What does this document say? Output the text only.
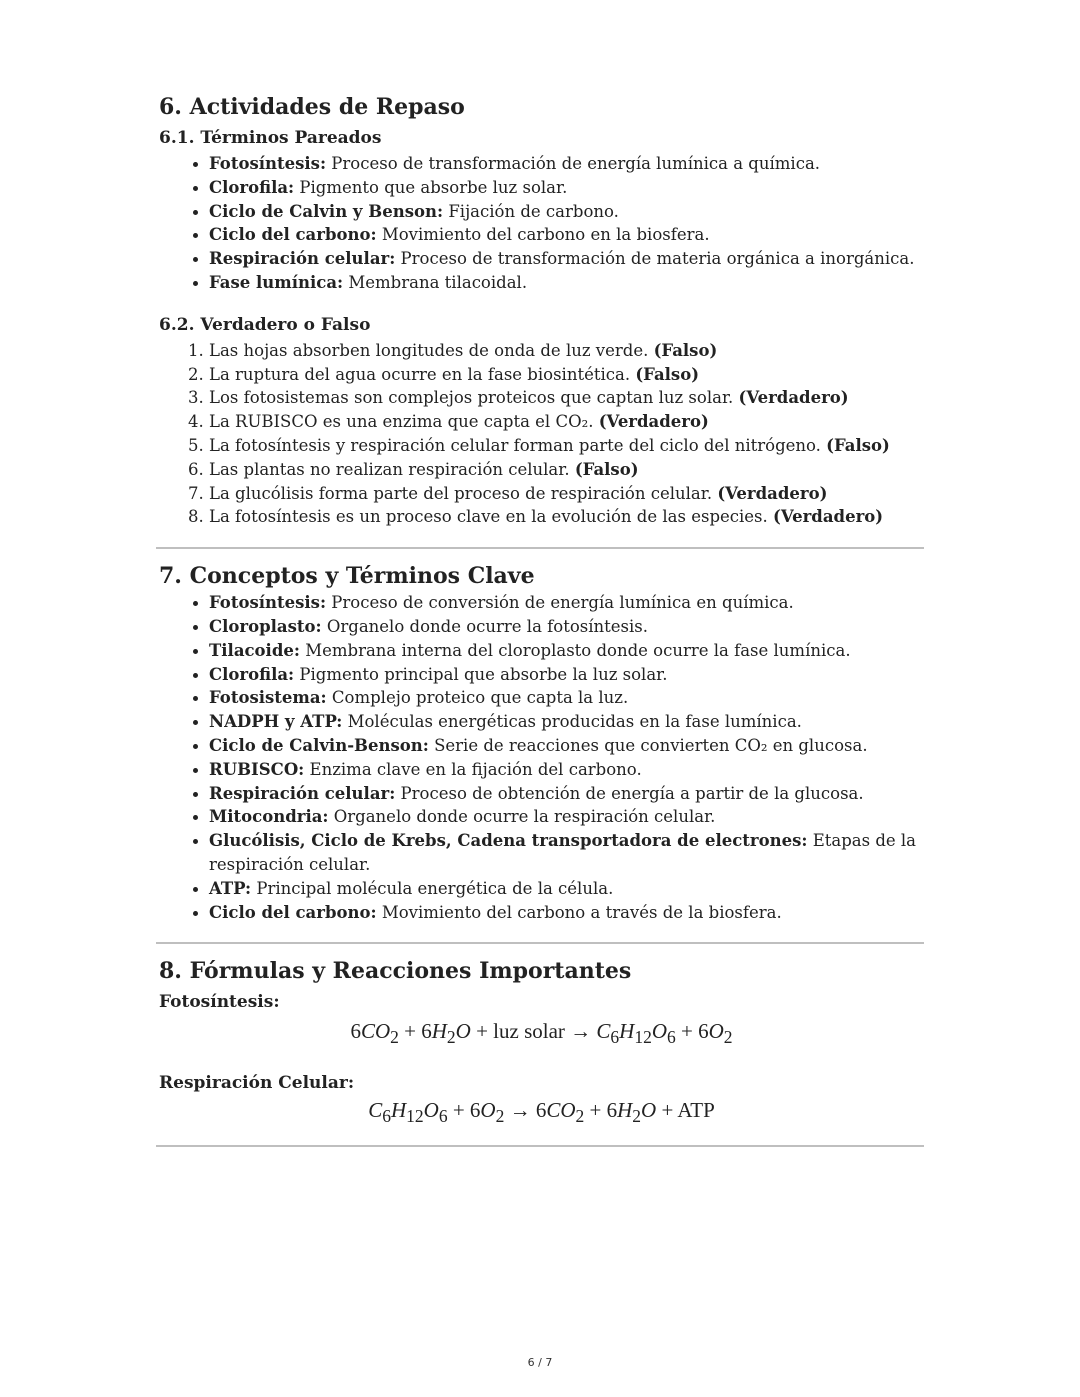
6. Actividades de Repaso
6.1. Términos Pareados
• Fotosíntesis: Proceso de transformación de energía lumínica a química.
• Clorofila: Pigmento que absorbe luz solar.
• Ciclo de Calvin y Benson: Fijación de carbono.
• Ciclo del carbono: Movimiento del carbono en la biosfera.
• Respiración celular: Proceso de transformación de materia orgánica a inorgánica.
• Fase lumínica: Membrana tilacoidal.
6.2. Verdadero o Falso
1. Las hojas absorben longitudes de onda de luz verde. (Falso)
2. La ruptura del agua ocurre en la fase biosintética. (Falso)
3. Los fotosistemas son complejos proteicos que captan luz solar. (Verdadero)
4. La RUBISCO es una enzima que capta el CO₂. (Verdadero)
5. La fotosíntesis y respiración celular forman parte del ciclo del nitrógeno. (Falso)
6. Las plantas no realizan respiración celular. (Falso)
7. La glucólisis forma parte del proceso de respiración celular. (Verdadero)
8. La fotosíntesis es un proceso clave en la evolución de las especies. (Verdadero)
7. Conceptos y Términos Clave
• Fotosíntesis: Proceso de conversión de energía lumínica en química.
• Cloroplasto: Organelo donde ocurre la fotosíntesis.
• Tilacoide: Membrana interna del cloroplasto donde ocurre la fase lumínica.
• Clorofila: Pigmento principal que absorbe la luz solar.
• Fotosistema: Complejo proteico que capta la luz.
• NADPH y ATP: Moléculas energéticas producidas en la fase lumínica.
• Ciclo de Calvin-Benson: Serie de reacciones que convierten CO₂ en glucosa.
• RUBISCO: Enzima clave en la fijación del carbono.
• Respiración celular: Proceso de obtención de energía a partir de la glucosa.
• Mitocondria: Organelo donde ocurre la respiración celular.
• Glucólisis, Ciclo de Krebs, Cadena transportadora de electrones: Etapas de la respiración celular.
• ATP: Principal molécula energética de la célula.
• Ciclo del carbono: Movimiento del carbono a través de la biosfera.
8. Fórmulas y Reacciones Importantes
Fotosíntesis:
$6CO_2 + 6H_2O$ + luz solar → $C_6H_{12}O_6 + 6O_2$
Respiración Celular:
$C_6H_{12}O_6 + 6O_2 \to 6CO_2 + 6H_2O$ + ATP
6 / 7
